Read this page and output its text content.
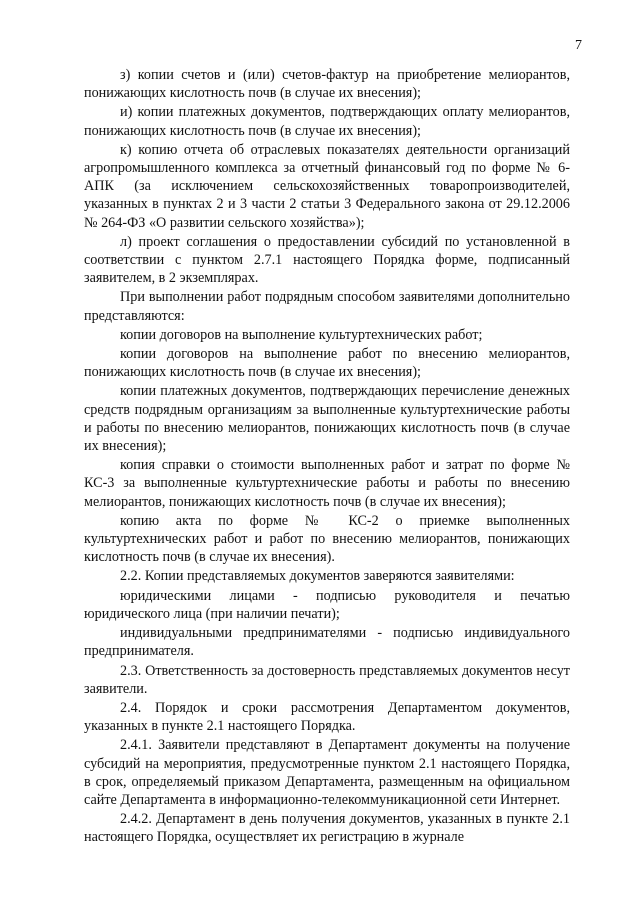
7

з) копии счетов и (или) счетов-фактур на приобретение мелиорантов, понижающих кислотность почв (в случае их внесения);

и) копии платежных документов, подтверждающих оплату мелиорантов, понижающих кислотность почв (в случае их внесения);

к) копию отчета об отраслевых показателях деятельности организаций агропромышленного комплекса за отчетный финансовый год по форме № 6-АПК (за исключением сельскохозяйственных товаропроизводителей, указанных в пунктах 2 и 3 части 2 статьи 3 Федерального закона от 29.12.2006 № 264-ФЗ «О развитии сельского хозяйства»);

л) проект соглашения о предоставлении субсидий по установленной в соответствии с пунктом 2.7.1 настоящего Порядка форме, подписанный заявителем, в 2 экземплярах.

При выполнении работ подрядным способом заявителями дополнительно представляются:

копии договоров на выполнение культуртехнических работ;

копии договоров на выполнение работ по внесению мелиорантов, понижающих кислотность почв (в случае их внесения);

копии платежных документов, подтверждающих перечисление денежных средств подрядным организациям за выполненные культуртехнические работы и работы по внесению мелиорантов, понижающих кислотность почв (в случае их внесения);

копия справки о стоимости выполненных работ и затрат по форме № КС-3 за выполненные культуртехнические работы и работы по внесению мелиорантов, понижающих кислотность почв (в случае их внесения);

копию акта по форме № КС-2 о приемке выполненных культуртехнических работ и работ по внесению мелиорантов, понижающих кислотность почв (в случае их внесения).

2.2. Копии представляемых документов заверяются заявителями:

юридическими лицами - подписью руководителя и печатью юридического лица (при наличии печати);

индивидуальными предпринимателями - подписью индивидуального предпринимателя.

2.3. Ответственность за достоверность представляемых документов несут заявители.

2.4. Порядок и сроки рассмотрения Департаментом документов, указанных в пункте 2.1 настоящего Порядка.

2.4.1. Заявители представляют в Департамент документы на получение субсидий на мероприятия, предусмотренные пунктом 2.1 настоящего Порядка, в срок, определяемый приказом Департамента, размещенным на официальном сайте Департамента в информационно-телекоммуникационной сети Интернет.

2.4.2. Департамент в день получения документов, указанных в пункте 2.1 настоящего Порядка, осуществляет их регистрацию в журнале
